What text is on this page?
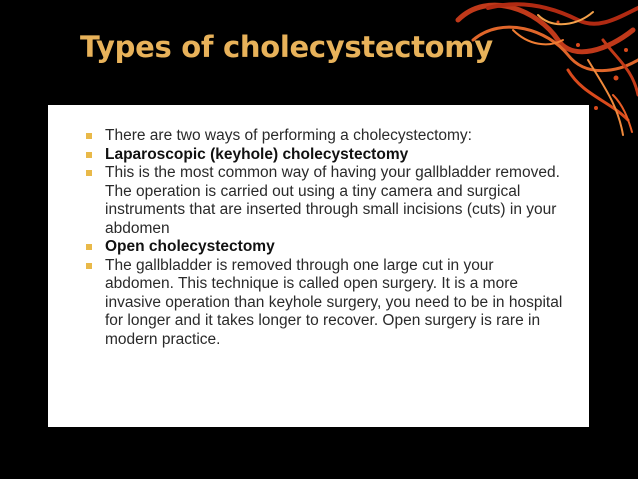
Types of cholecystectomy
There are two ways of performing a cholecystectomy:
Laparoscopic (keyhole) cholecystectomy
This is the most common way of having your gallbladder removed. The operation is carried out using a tiny camera and surgical instruments that are inserted through small incisions (cuts) in your abdomen
Open cholecystectomy
The gallbladder is removed through one large cut in your abdomen. This technique is called open surgery. It is a more invasive operation than keyhole surgery, you need to be in hospital for longer and it takes longer to recover. Open surgery is rare in modern practice.
